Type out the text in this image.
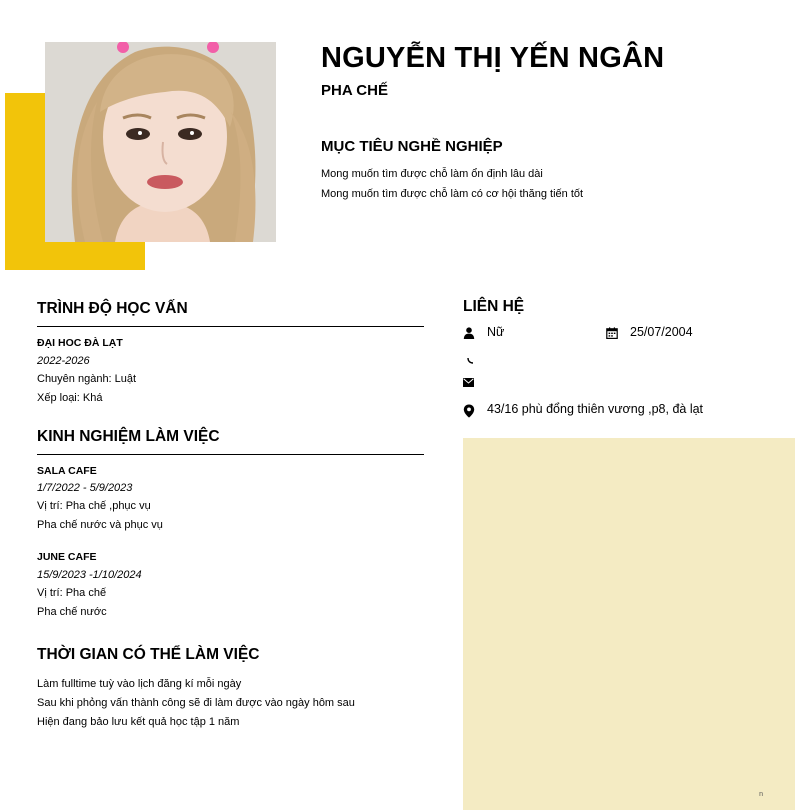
NGUYỄN THỊ YẾN NGÂN
PHA CHẾ
MỤC TIÊU NGHỀ NGHIỆP
Mong muốn tìm được chỗ làm ổn định lâu dài
Mong muốn tìm được chỗ làm có cơ hội thăng tiến tốt
TRÌNH ĐỘ HỌC VẤN
ĐẠI HOC ĐÀ LẠT
2022-2026
Chuyên ngành: Luật
Xếp loại: Khá
KINH NGHIỆM LÀM VIỆC
SALA CAFE
1/7/2022 - 5/9/2023
Vị trí: Pha chế ,phục vụ
Pha chế nước và phục vụ
JUNE CAFE
15/9/2023 -1/10/2024
Vị trí: Pha chế
Pha chế nước
THỜI GIAN CÓ THỂ LÀM VIỆC
Làm fulltime tuỳ vào lịch đăng kí mỗi ngày
Sau khi phỏng vấn thành công sẽ đi làm được vào ngày hôm sau
Hiện đang bảo lưu kết quả học tập 1 năm
LIÊN HỆ
Nữ	25/07/2004
43/16 phù đổng thiên vương ,p8, đà lạt
n
